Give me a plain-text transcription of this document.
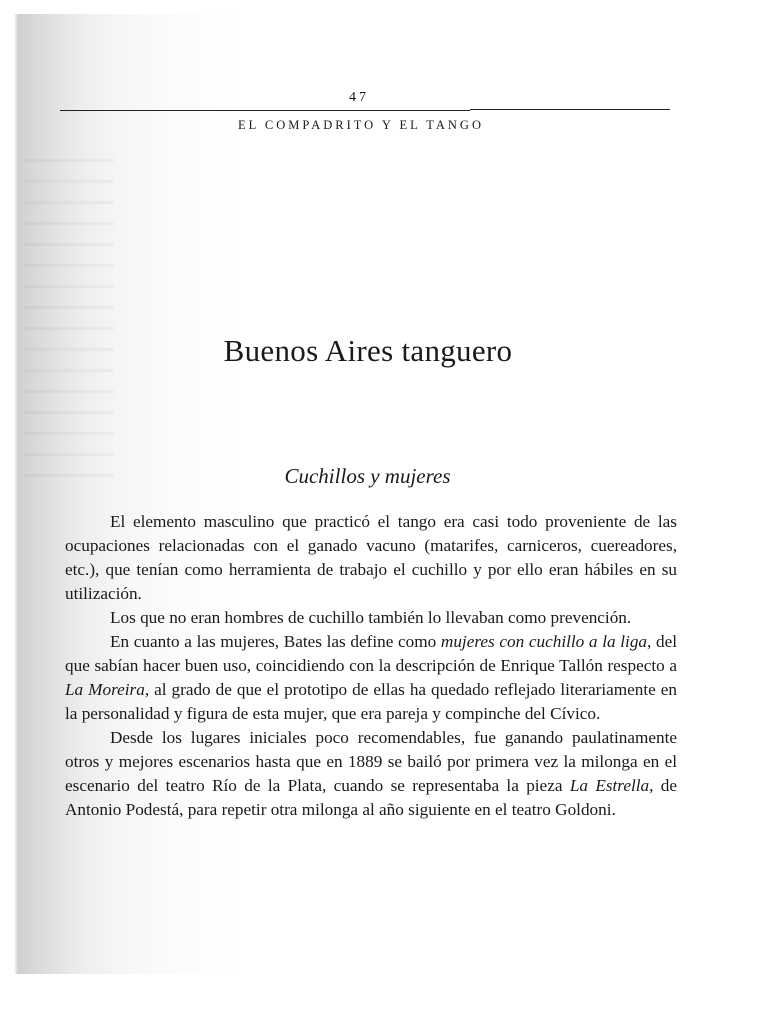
47
EL COMPADRITO Y EL TANGO
Buenos Aires tanguero
Cuchillos y mujeres

El elemento masculino que practicó el tango era casi todo proveniente de las ocupaciones relacionadas con el ganado vacuno (matarifes, carniceros, cuereadores, etc.), que tenían como herramienta de trabajo el cuchillo y por ello eran hábiles en su utilización.

Los que no eran hombres de cuchillo también lo llevaban como prevención.

En cuanto a las mujeres, Bates las define como mujeres con cuchillo a la liga, del que sabían hacer buen uso, coincidiendo con la descripción de Enrique Tallón respecto a La Moreira, al grado de que el prototipo de ellas ha quedado reflejado literariamente en la personalidad y figura de esta mujer, que era pareja y compinche del Cívico.

Desde los lugares iniciales poco recomendables, fue ganando paulatinamente otros y mejores escenarios hasta que en 1889 se bailó por primera vez la milonga en el escenario del teatro Río de la Plata, cuando se representaba la pieza La Estrella, de Antonio Podestá, para repetir otra milonga al año siguiente en el teatro Goldoni.
